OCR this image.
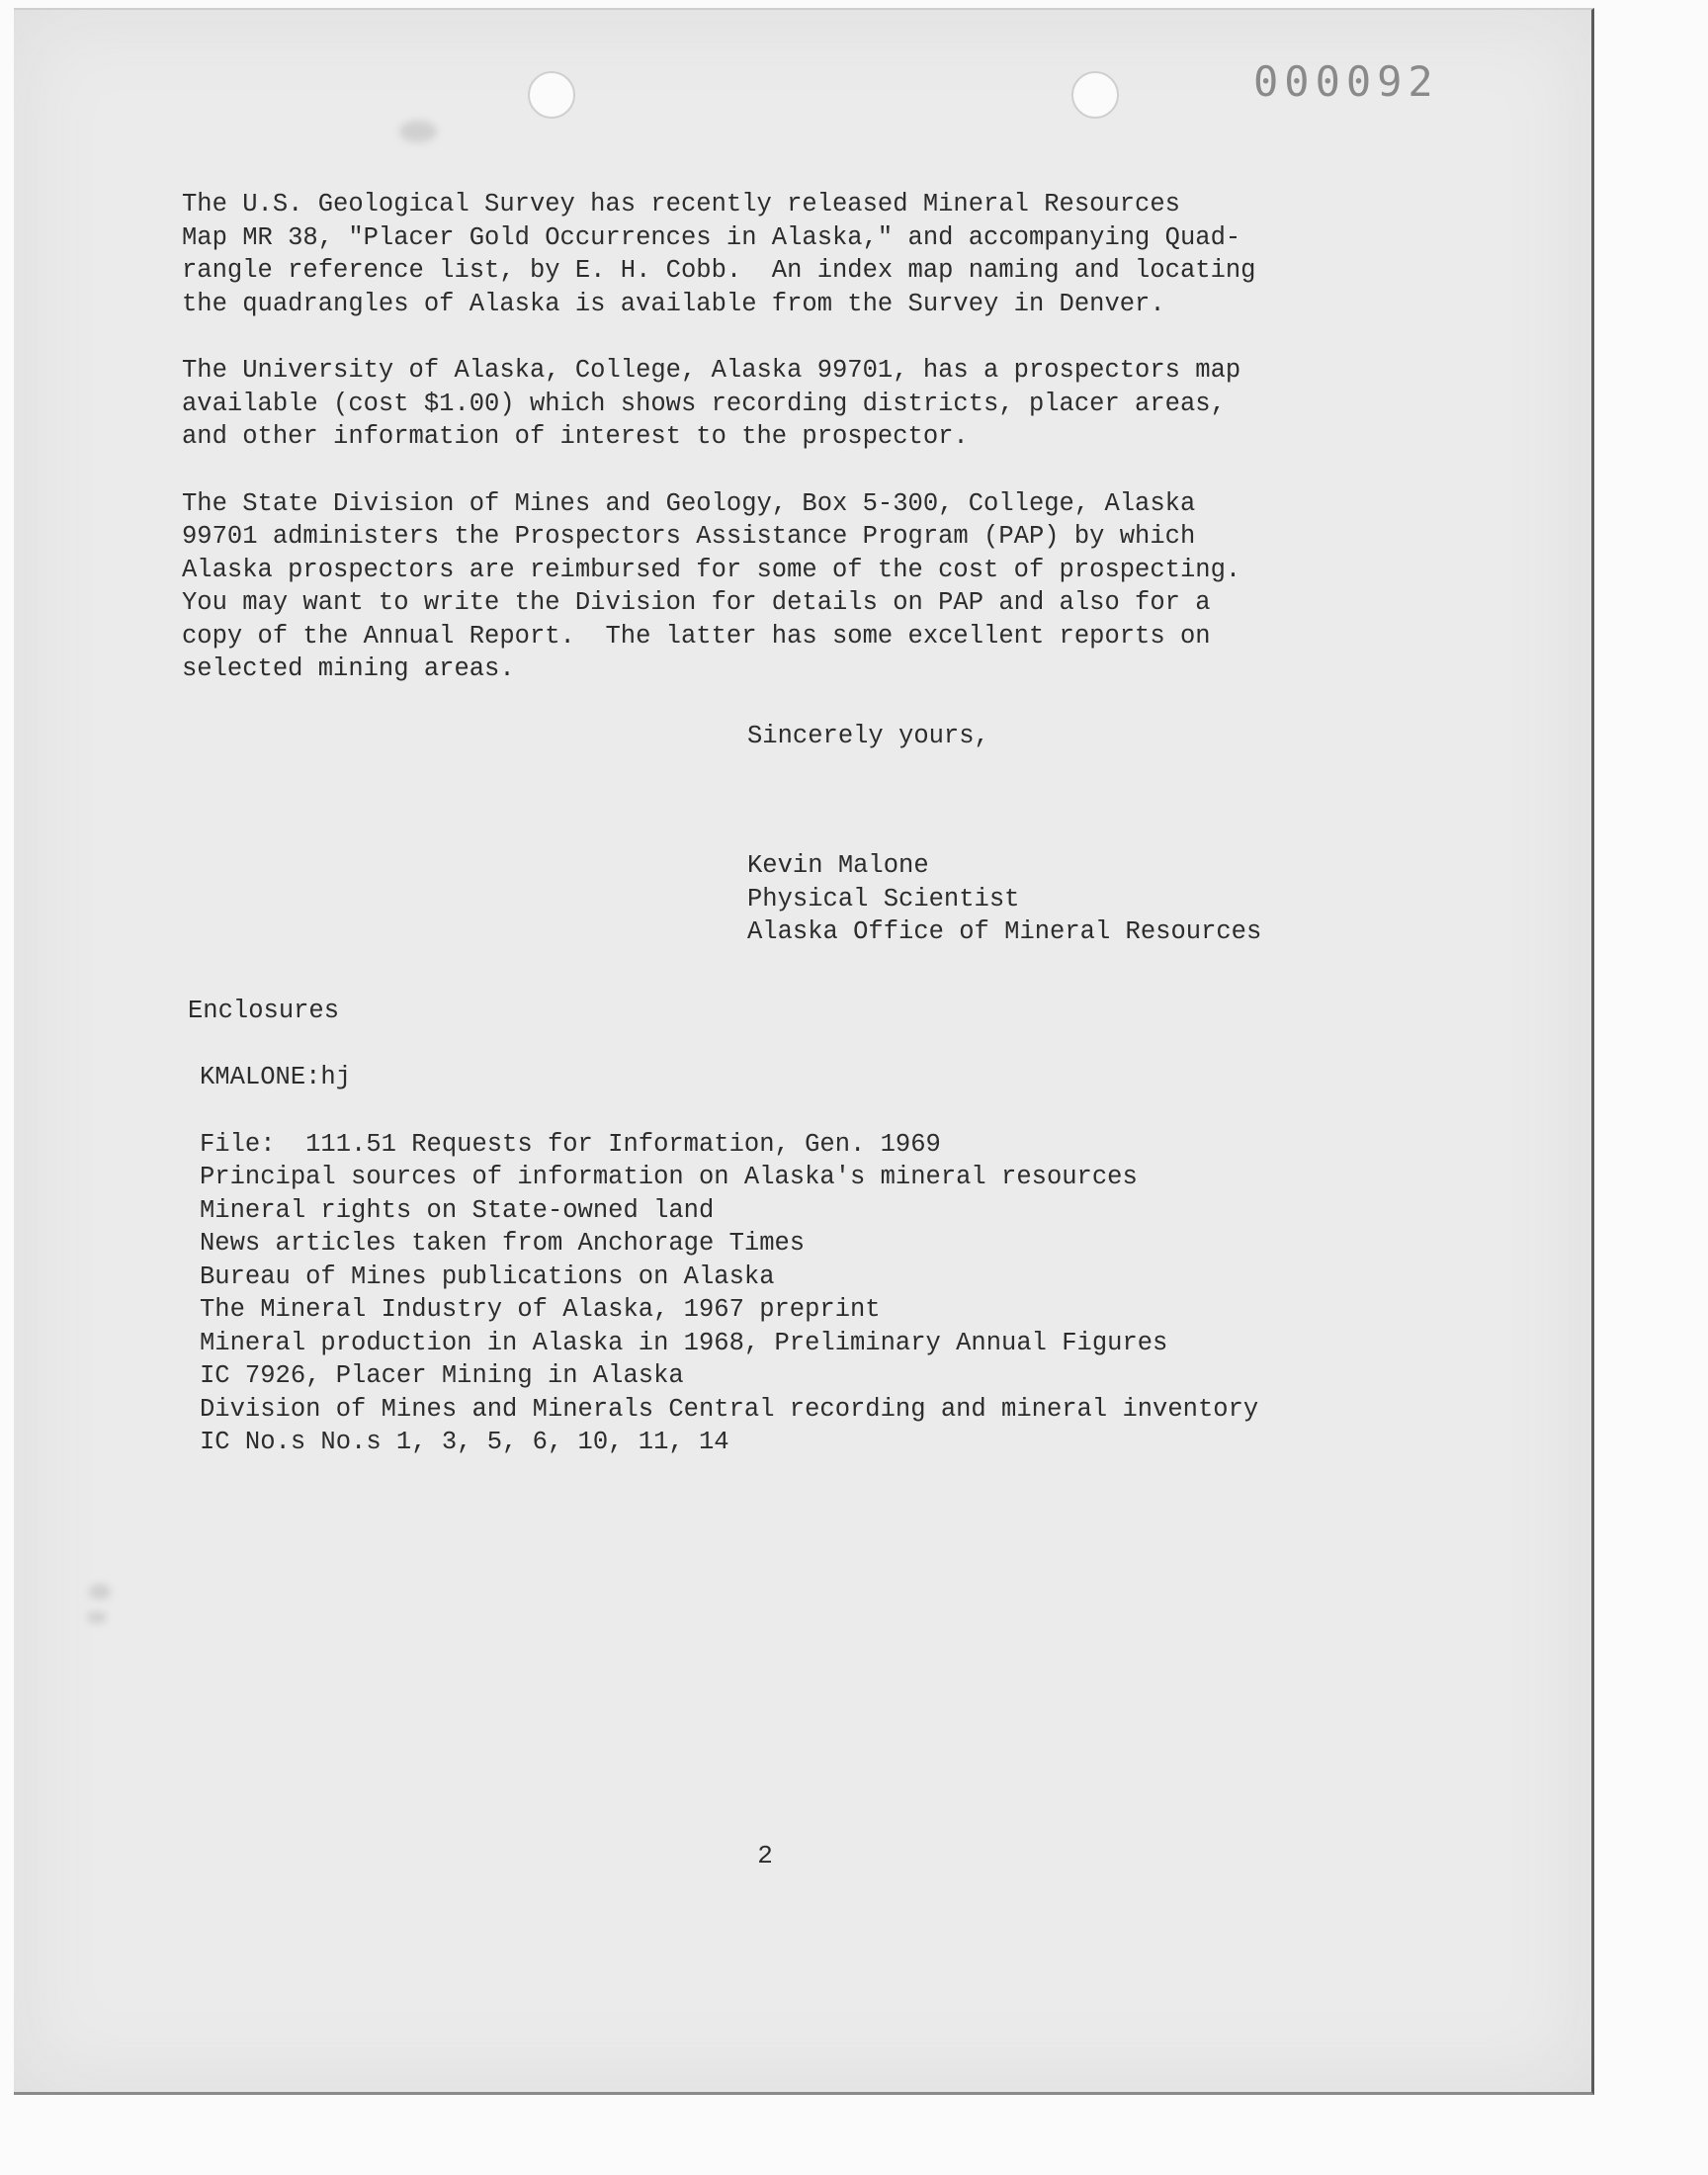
000092

The U.S. Geological Survey has recently released Mineral Resources

Map MR 38, "Placer Gold Occurrences in Alaska," and accompanying Quad-

rangle reference list, by E. H. Cobb.  An index map naming and locating

the quadrangles of Alaska is available from the Survey in Denver.

The University of Alaska, College, Alaska 99701, has a prospectors map

available (cost $1.00) which shows recording districts, placer areas,

and other information of interest to the prospector.

The State Division of Mines and Geology, Box 5-300, College, Alaska

99701 administers the Prospectors Assistance Program (PAP) by which

Alaska prospectors are reimbursed for some of the cost of prospecting.

You may want to write the Division for details on PAP and also for a

copy of the Annual Report.  The latter has some excellent reports on

selected mining areas.

Sincerely yours,

Kevin Malone

Physical Scientist

Alaska Office of Mineral Resources

Enclosures

KMALONE:hj

File:  111.51 Requests for Information, Gen. 1969

Principal sources of information on Alaska's mineral resources

Mineral rights on State-owned land

News articles taken from Anchorage Times

Bureau of Mines publications on Alaska

The Mineral Industry of Alaska, 1967 preprint

Mineral production in Alaska in 1968, Preliminary Annual Figures

IC 7926, Placer Mining in Alaska

Division of Mines and Minerals Central recording and mineral inventory

IC No.s No.s 1, 3, 5, 6, 10, 11, 14

2
